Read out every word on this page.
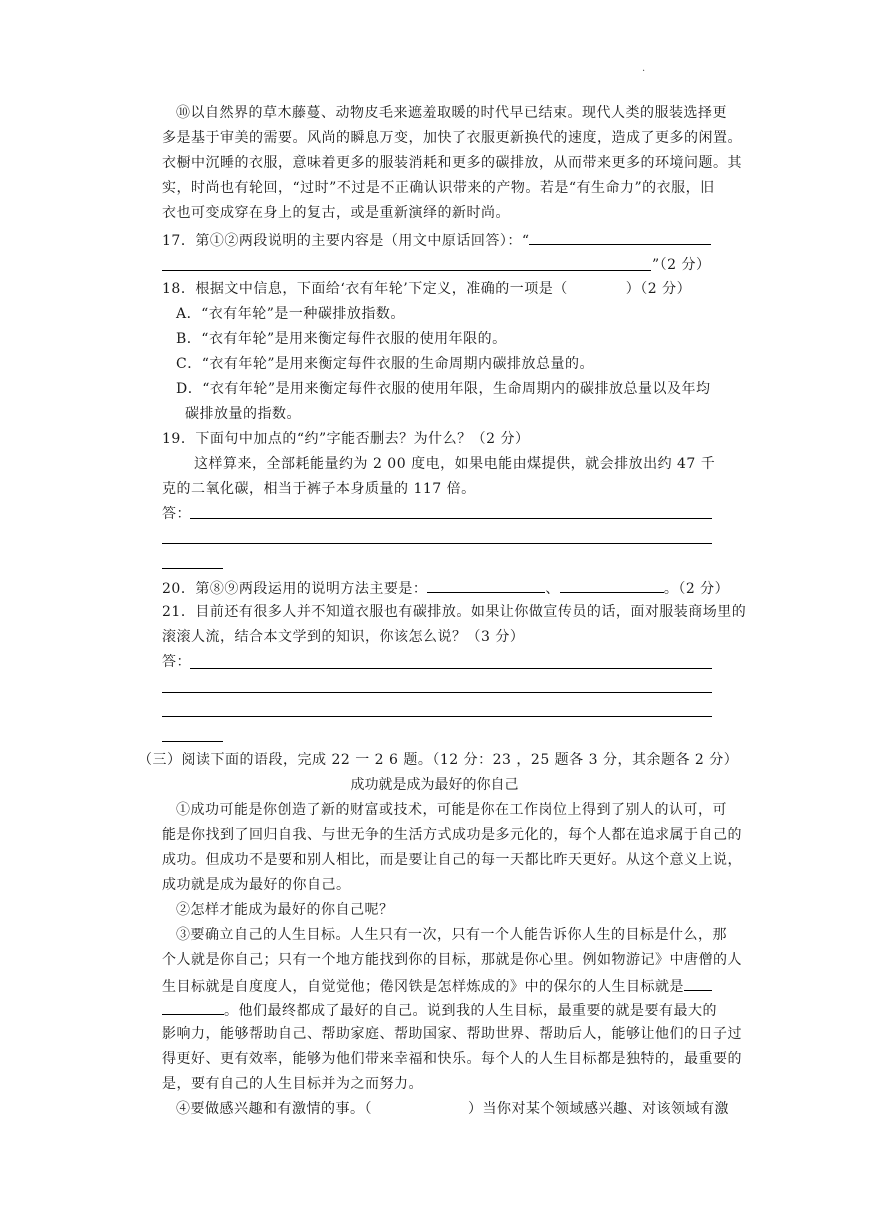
·
⑩以自然界的草木藤蔓、动物皮毛来遮羞取暖的时代早已结束。现代人类的服装选择更
多是基于审美的需要。风尚的瞬息万变，加快了衣服更新换代的速度，造成了更多的闲置。
衣橱中沉睡的衣服，意味着更多的服装消耗和更多的碳排放，从而带来更多的环境问题。其
实，时尚也有轮回，“过时”不过是不正确认识带来的产物。若是“有生命力”的衣服，旧
衣也可变成穿在身上的复古，或是重新演绎的新时尚。
17．第①②两段说明的主要内容是（用文中原话回答）：“
”（2 分）
18．根据文中信息，下面给‘衣有年轮’下定义，准确的一项是（	）（2 分）
A．“衣有年轮”是一种碳排放指数。
B．“衣有年轮”是用来衡定每件衣服的使用年限的。
C．“衣有年轮”是用来衡定每件衣服的生命周期内碳排放总量的。
D．“衣有年轮”是用来衡定每件衣服的使用年限，生命周期内的碳排放总量以及年均
碳排放量的指数。
19．下面句中加点的“约”字能否删去？为什么？（2 分）
这样算来，全部耗能量约为 2 00 度电，如果电能由煤提供，就会排放出约 47 千
克的二氧化碳，相当于裤子本身质量的 117 倍。
答：
20．第⑧⑨两段运用的说明方法主要是：	、	。（2 分）
21．目前还有很多人并不知道衣服也有碳排放。如果让你做宣传员的话，面对服装商场里的
滚滚人流，结合本文学到的知识，你该怎么说？（3 分）
答：
（三）阅读下面的语段，完成 22 一 2 6 题。（12 分：23 ，25 题各 3 分，其余题各 2 分）
成功就是成为最好的你自己
①成功可能是你创造了新的财富或技术，可能是你在工作岗位上得到了别人的认可，可
能是你找到了回归自我、与世无争的生活方式成功是多元化的，每个人都在追求属于自己的
成功。但成功不是要和别人相比，而是要让自己的每一天都比昨天更好。从这个意义上说，
成功就是成为最好的你自己。
②怎样才能成为最好的你自己呢？
③要确立自己的人生目标。人生只有一次，只有一个人能告诉你人生的目标是什么，那
个人就是你自己；只有一个地方能找到你的目标，那就是你心里。例如物游记》中唐僧的人
生目标就是自度度人，自觉觉他；倦冈铁是怎样炼成的》中的保尔的人生目标就是
。他们最终都成了最好的自己。说到我的人生目标，最重要的就是要有最大的
影响力，能够帮助自己、帮助家庭、帮助国家、帮助世界、帮助后人，能够让他们的日子过
得更好、更有效率，能够为他们带来幸福和快乐。每个人的人生目标都是独特的，最重要的
是，要有自己的人生目标并为之而努力。
④要做感兴趣和有激情的事。（	）当你对某个领域感兴趣、对该领域有激
